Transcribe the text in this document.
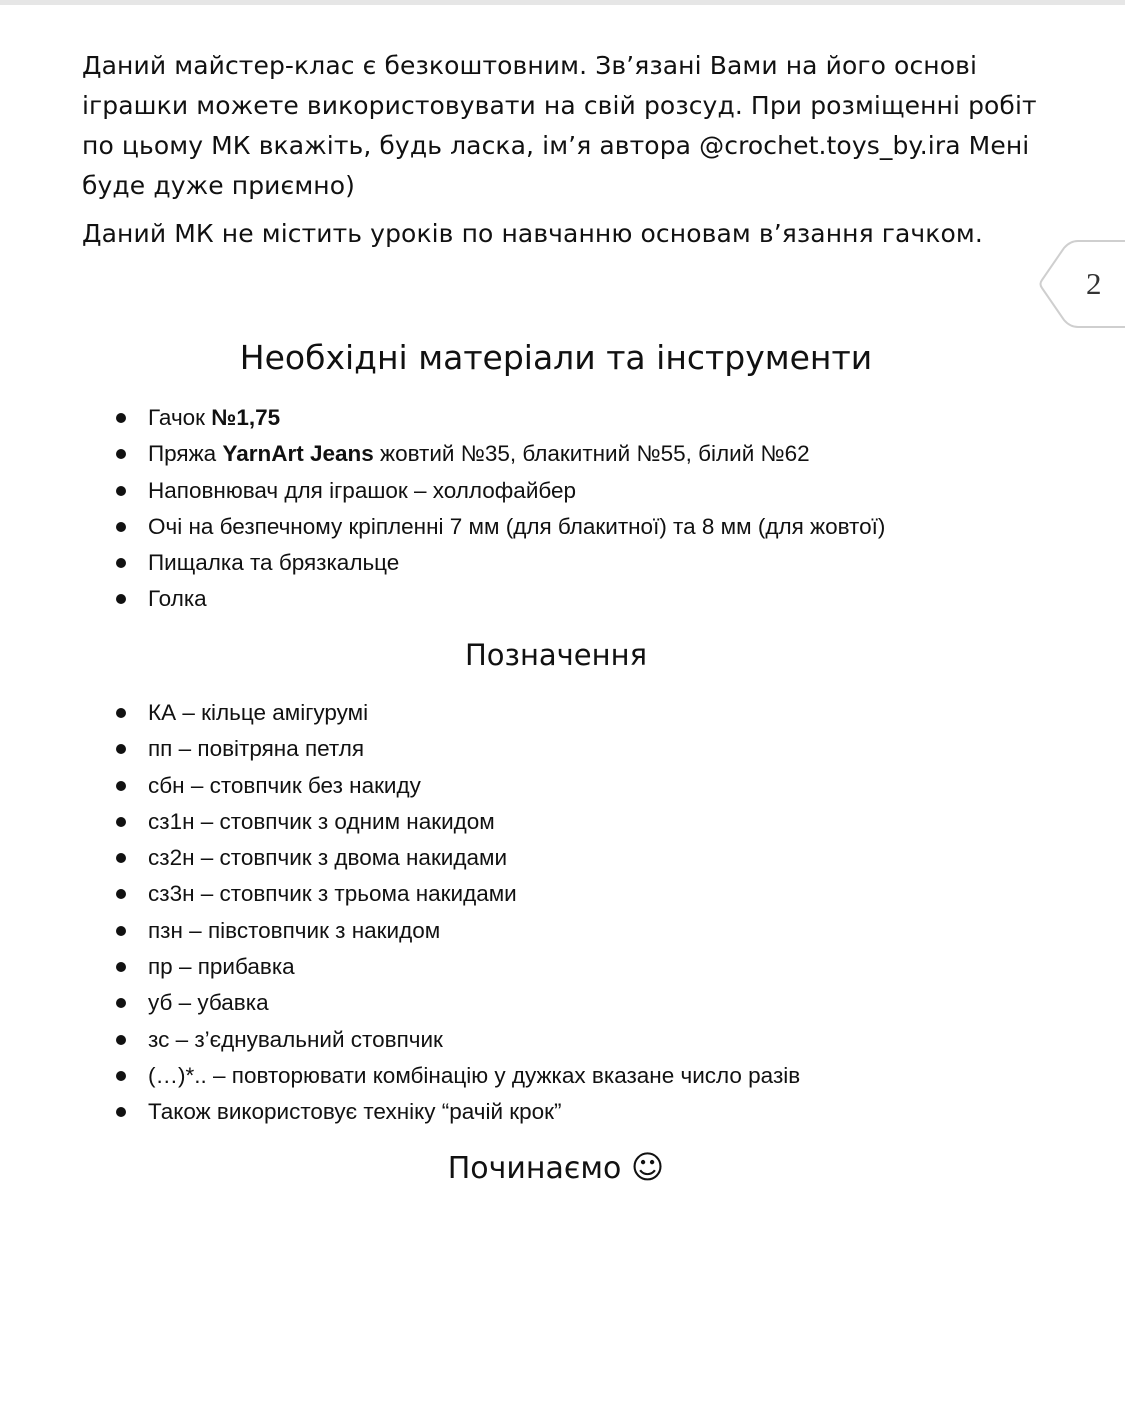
Даний майстер-клас є безкоштовним. Зв’язані Вами на його основі іграшки можете використовувати на свій розсуд. При розміщенні робіт по цьому МК вкажіть, будь ласка, ім’я автора @crochet.toys_by.ira Мені буде дуже приємно)

Даний МК не містить уроків по навчанню основам в’язання гачком.

2
Необхідні матеріали та інструменти
Гачок №1,75
Пряжа YarnArt Jeans жовтий №35, блакитний №55, білий №62
Наповнювач для іграшок – холлофайбер
Очі на безпечному кріпленні 7 мм (для блакитної) та 8 мм (для жовтої)
Пищалка та брязкальце
Голка
Позначення
КА – кільце амігурумі
пп – повітряна петля
сбн – стовпчик без накиду
сз1н – стовпчик з одним накидом
сз2н – стовпчик з двома накидами
сз3н – стовпчик з трьома накидами
пзн – півстовпчик з накидом
пр – прибавка
уб – убавка
зс – з’єднувальний стовпчик
(…)*.. – повторювати комбінацію у дужках вказане число разів
Також використовує техніку “рачій крок”
Починаємо ☺
